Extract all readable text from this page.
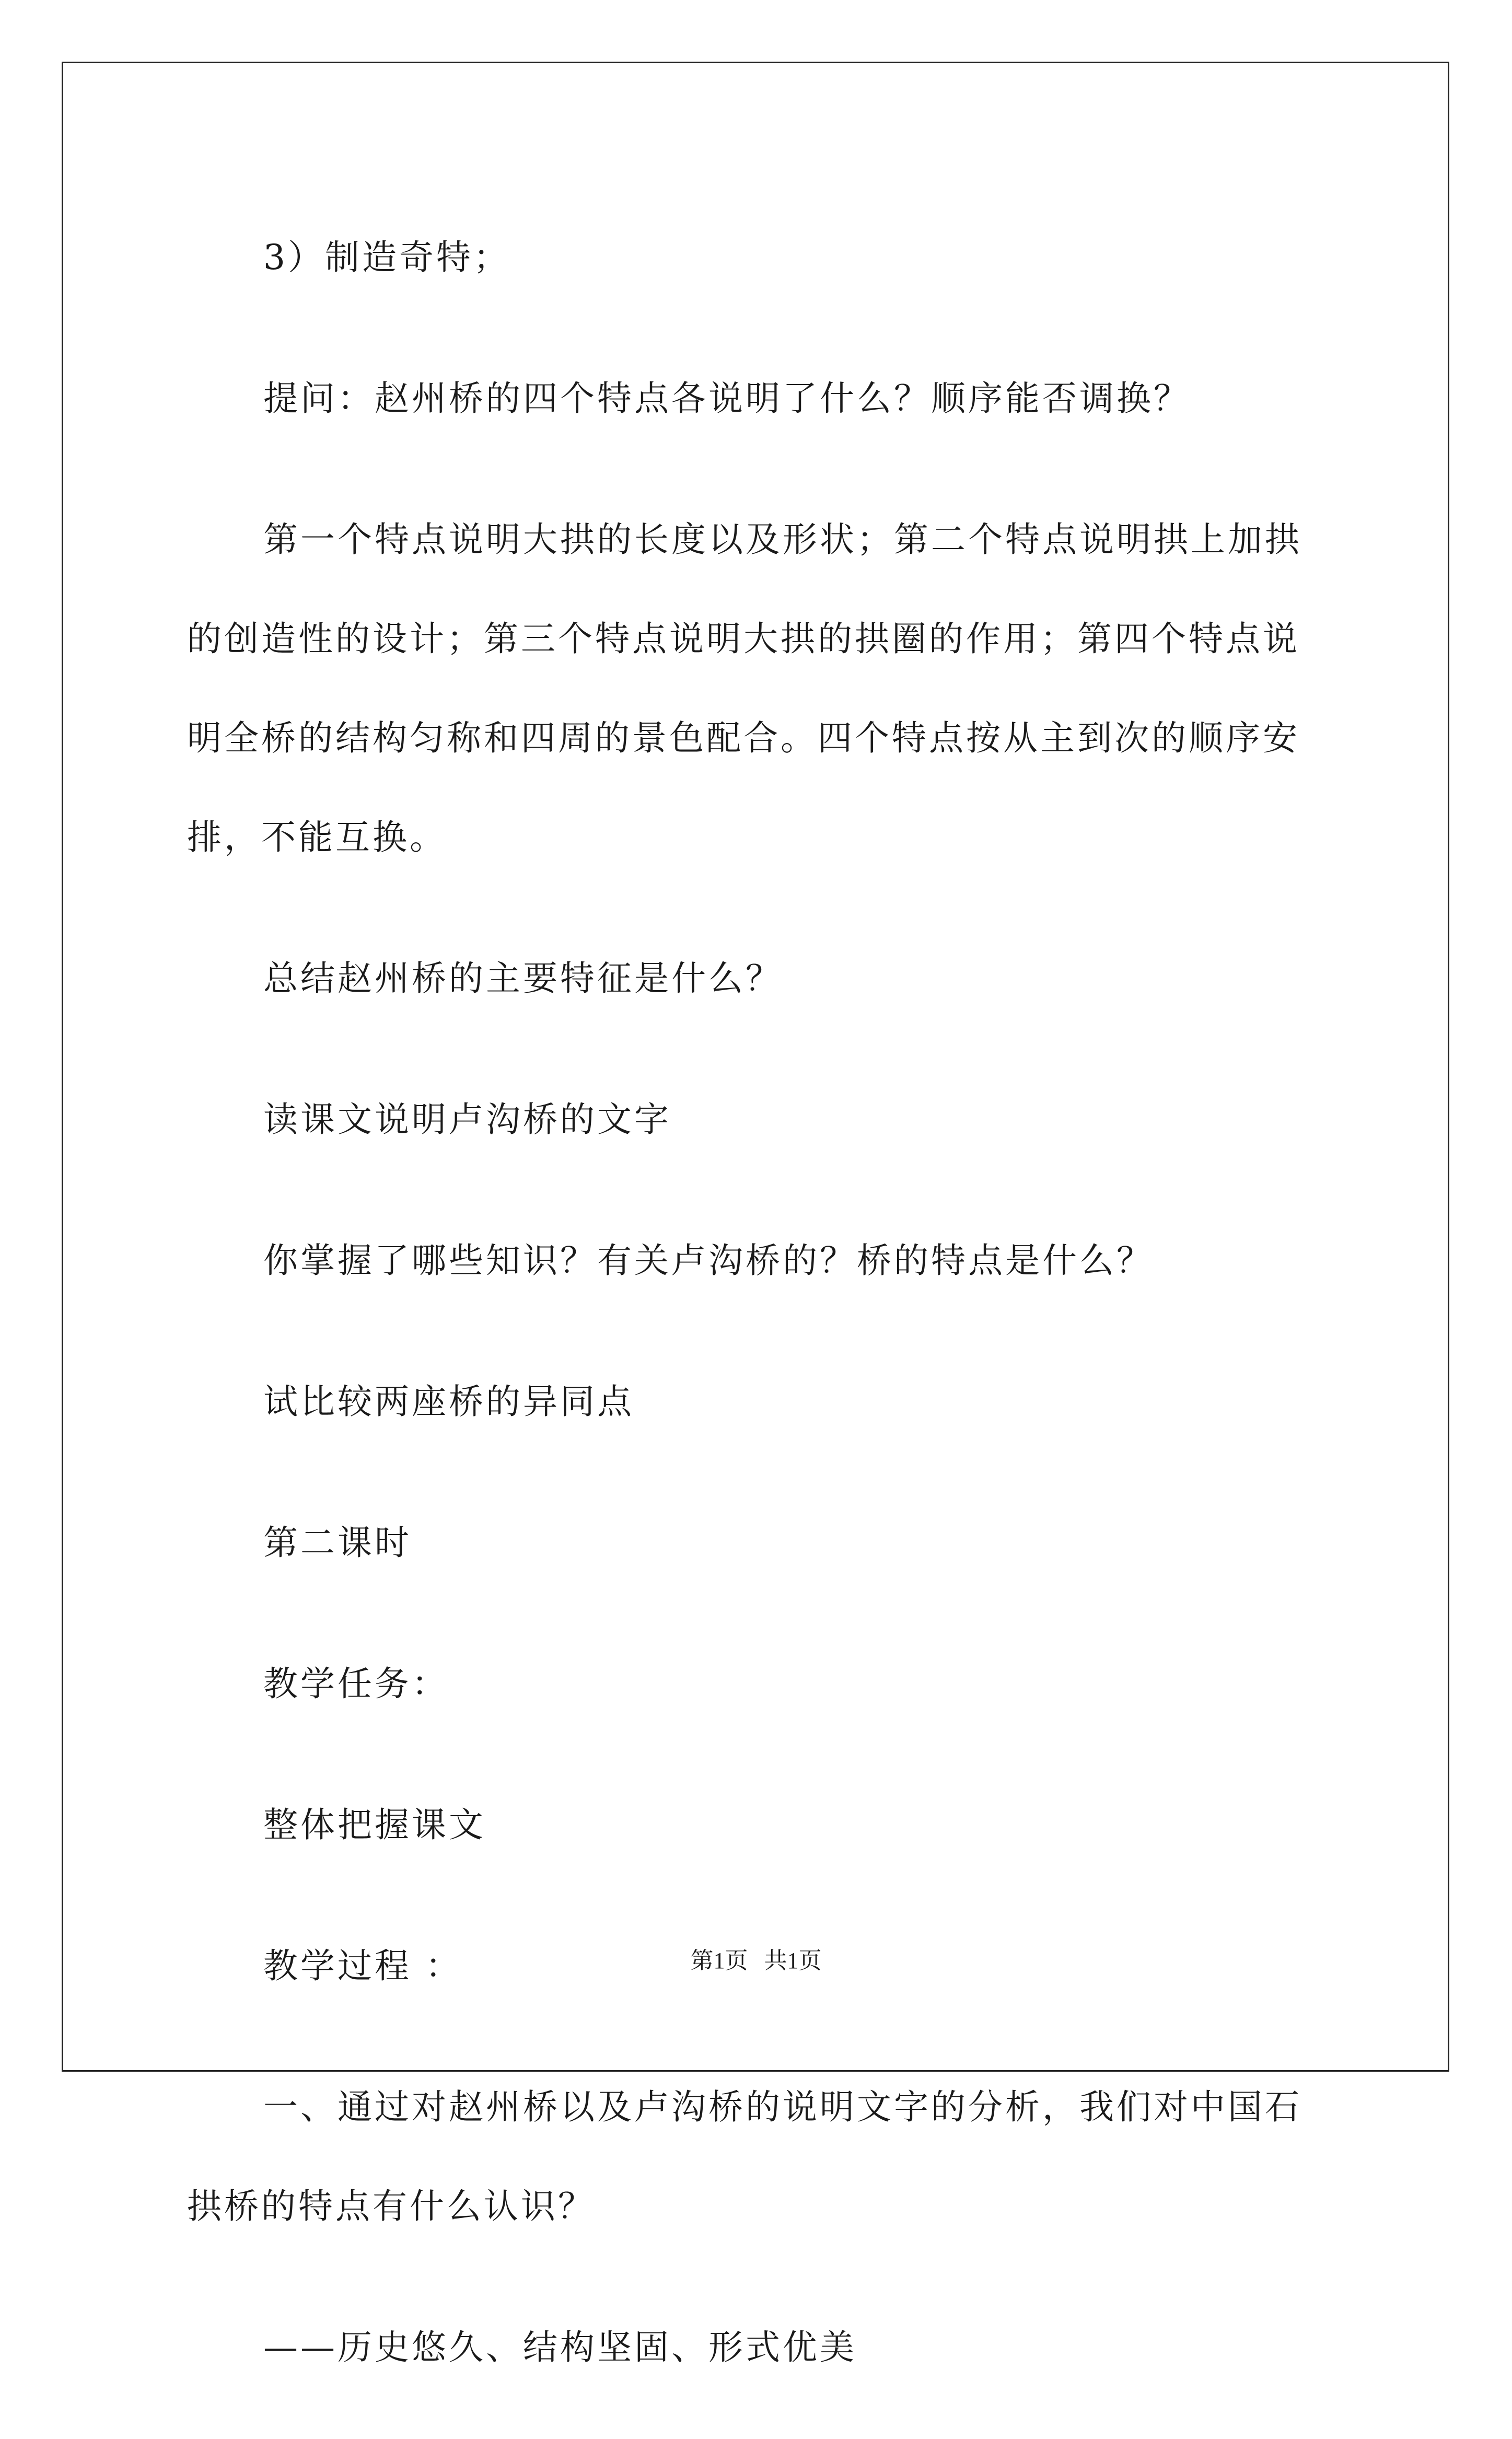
3）制造奇特；

提问：赵州桥的四个特点各说明了什么？顺序能否调换？

第一个特点说明大拱的长度以及形状；第二个特点说明拱上加拱的创造性的设计；第三个特点说明大拱的拱圈的作用；第四个特点说明全桥的结构匀称和四周的景色配合。四个特点按从主到次的顺序安排，不能互换。

总结赵州桥的主要特征是什么？

读课文说明卢沟桥的文字

你掌握了哪些知识？有关卢沟桥的？桥的特点是什么？

试比较两座桥的异同点

第二课时

教学任务：

整体把握课文

教学过程 ：

一、通过对赵州桥以及卢沟桥的说明文字的分析，我们对中国石拱桥的特点有什么认识？

——历史悠久、结构坚固、形式优美

第1页 共1页
